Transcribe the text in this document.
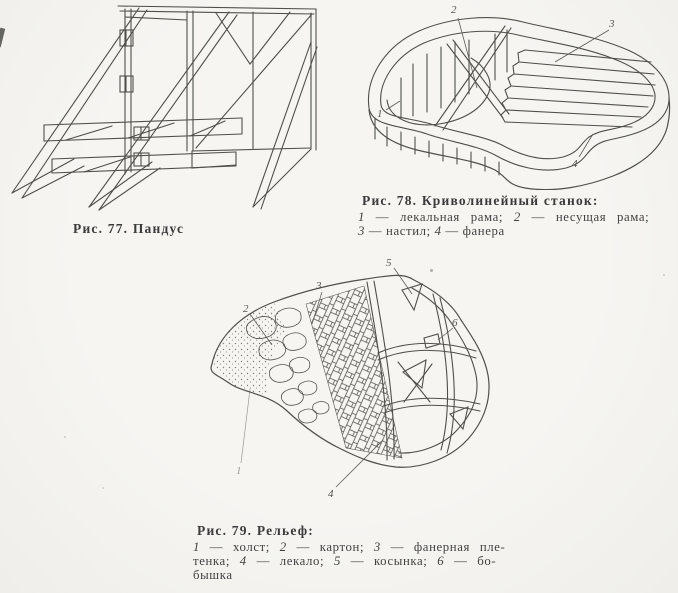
1
2
3
4
1
2
3
4
5
6
Рис. 77. Пандус
Рис. 78. Криволинейный станок:
1 — лекальная рама; 2 — несущая рама;
3 — настил; 4 — фанера
Рис. 79. Рельеф:
1 — холст; 2 — картон; 3 — фанерная пле-
тенка; 4 — лекало; 5 — косынка; 6 — бо-
бышка
